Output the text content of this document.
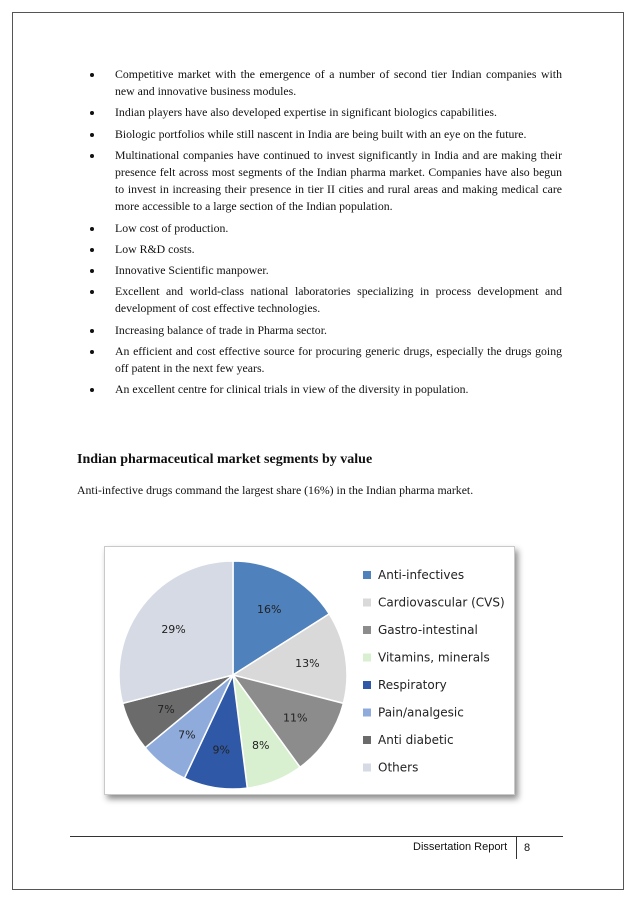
Competitive market with the emergence of a number of second tier Indian companies with new and innovative business modules.
Indian players have also developed expertise in significant biologics capabilities.
Biologic portfolios while still nascent in India are being built with an eye on the future.
Multinational companies have continued to invest significantly in India and are making their presence felt across most segments of the Indian pharma market. Companies have also begun to invest in increasing their presence in tier II cities and rural areas and making medical care more accessible to a large section of the Indian population.
Low cost of production.
Low R&D costs.
Innovative Scientific manpower.
Excellent and world-class national laboratories specializing in process development and development of cost effective technologies.
Increasing balance of trade in Pharma sector.
An efficient and cost effective source for procuring generic drugs, especially the drugs going off patent in the next few years.
An excellent centre for clinical trials in view of the diversity in population.
Indian pharmaceutical market segments by value

Anti-infective drugs command the largest share (16%) in the Indian pharma market.

16%
13%
11%
8%
9%
7%
7%
29%
Anti-infectives
Cardiovascular (CVS)
Gastro-intestinal
Vitamins, minerals
Respiratory
Pain/analgesic
Anti diabetic
Others
Dissertation Report	8
